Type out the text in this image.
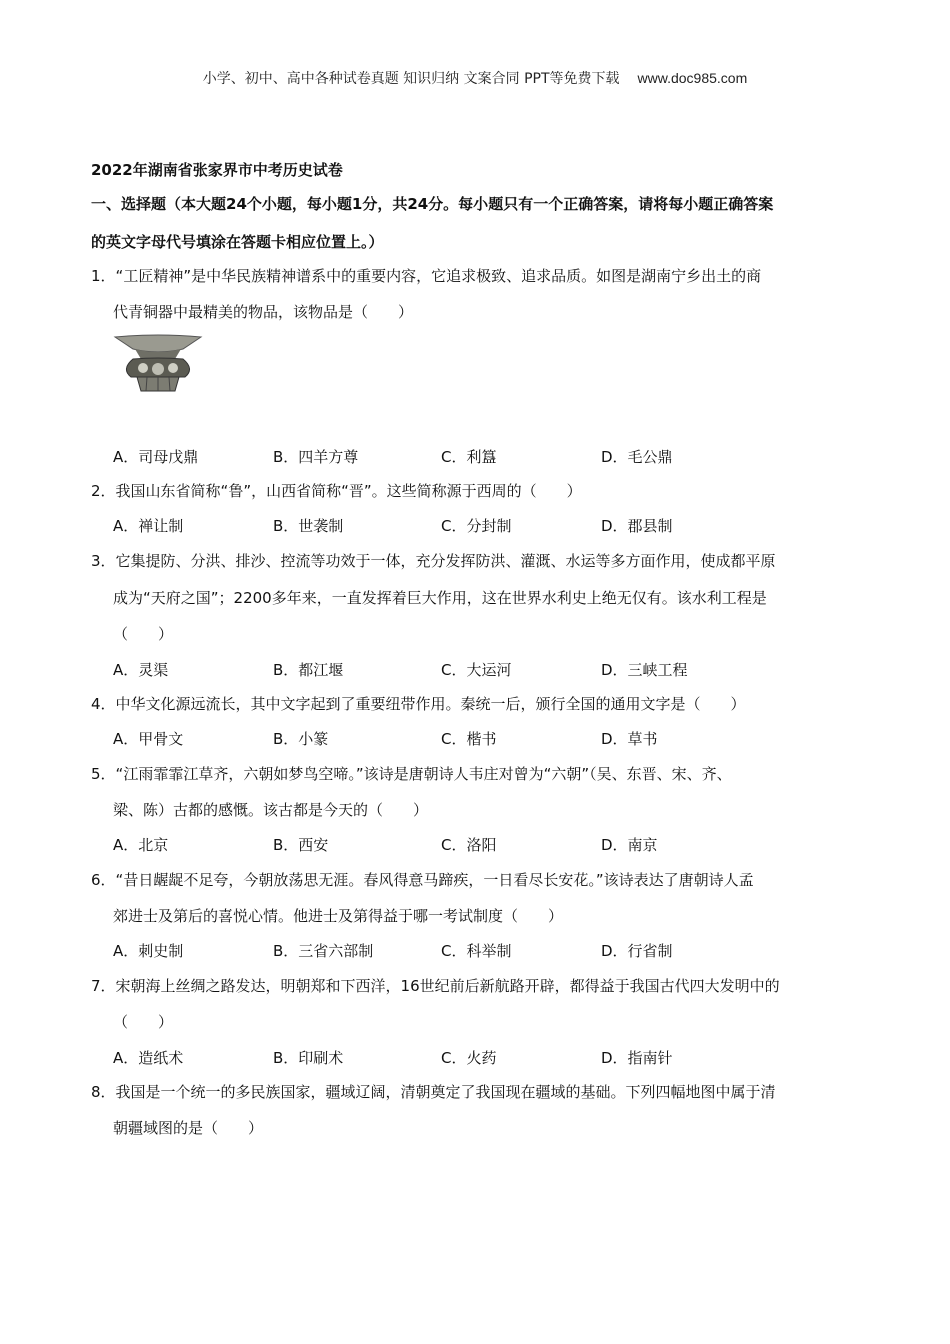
小学、初中、高中各种试卷真题 知识归纳 文案合同 PPT等免费下载 www.doc985.com
2022年湖南省张家界市中考历史试卷
一、选择题（本大题24个小题，每小题1分，共24分。每小题只有一个正确答案，请将每小题正确答案
的英文字母代号填涂在答题卡相应位置上。）
1．“工匠精神”是中华民族精神谱系中的重要内容，它追求极致、追求品质。如图是湖南宁乡出土的商
代青铜器中最精美的物品，该物品是（　　）
A．司母戊鼎	B．四羊方尊	C．利簋	D．毛公鼎
2．我国山东省简称“鲁”，山西省简称“晋”。这些简称源于西周的（　　）
A．禅让制	B．世袭制	C．分封制	D．郡县制
3．它集提防、分洪、排沙、控流等功效于一体，充分发挥防洪、灌溉、水运等多方面作用，使成都平原
成为“天府之国”；2200多年来，一直发挥着巨大作用，这在世界水利史上绝无仅有。该水利工程是
（　　）
A．灵渠	B．都江堰	C．大运河	D．三峡工程
4．中华文化源远流长，其中文字起到了重要纽带作用。秦统一后，颁行全国的通用文字是（　　）
A．甲骨文	B．小篆	C．楷书	D．草书
5．“江雨霏霏江草齐，六朝如梦鸟空啼。”该诗是唐朝诗人韦庄对曾为“六朝”（吴、东晋、宋、齐、
梁、陈）古都的感慨。该古都是今天的（　　）
A．北京	B．西安	C．洛阳	D．南京
6．“昔日龌龊不足夸，今朝放荡思无涯。春风得意马蹄疾，一日看尽长安花。”该诗表达了唐朝诗人孟
郊进士及第后的喜悦心情。他进士及第得益于哪一考试制度（　　）
A．刺史制	B．三省六部制	C．科举制	D．行省制
7．宋朝海上丝绸之路发达，明朝郑和下西洋，16世纪前后新航路开辟，都得益于我国古代四大发明中的
（　　）
A．造纸术	B．印刷术	C．火药	D．指南针
8．我国是一个统一的多民族国家，疆域辽阔，清朝奠定了我国现在疆域的基础。下列四幅地图中属于清
朝疆域图的是（　　）
